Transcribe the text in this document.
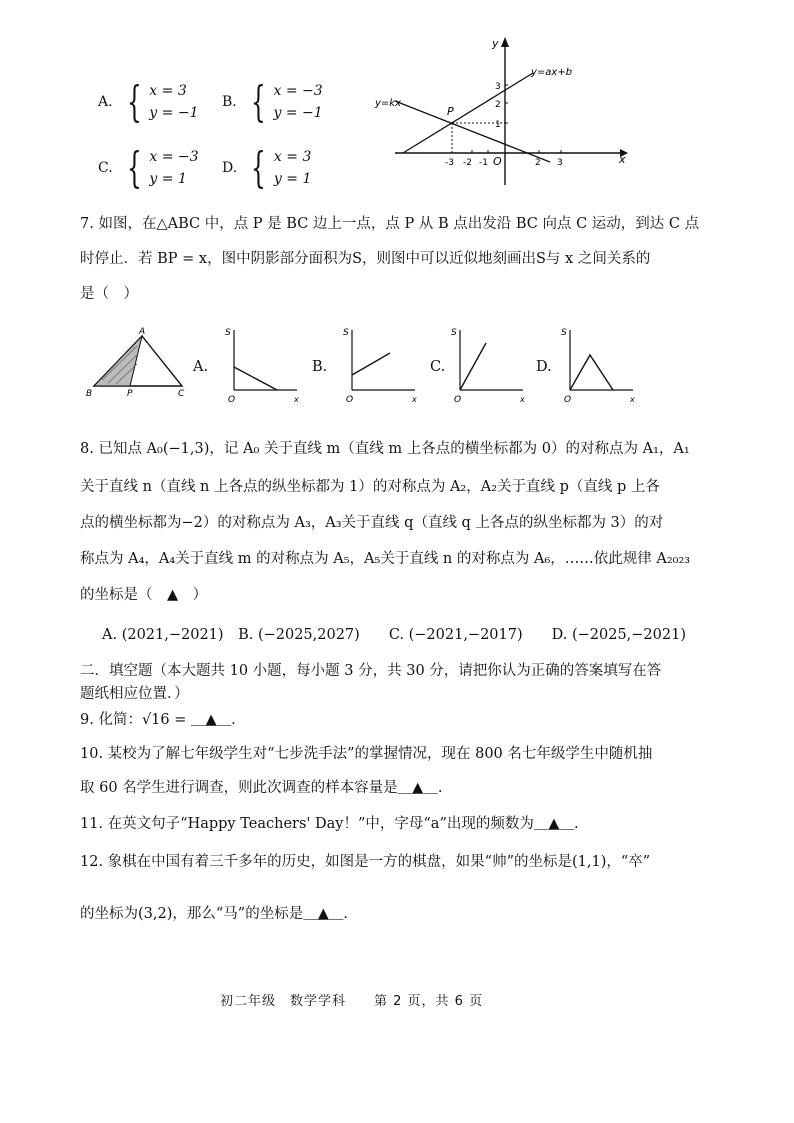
A. { x = 3
y = −1
B. { x = −3
y = −1
C. { x = −3
y = 1
D. { x = 3
y = 1
y
x
y=ax+b
y=kx
P
O
-3 -2 -1	2 3
3
2
1
7. 如图，在△ABC 中，点 P 是 BC 边上一点，点 P 从 B 点出发沿 BC 向点 C 运动，到达 C 点
时停止．若 BP = x，图中阴影部分面积为S，则图中可以近似地刻画出S与 x 之间关系的
是（　）
A
B	P	C
A.
S
O	x
B.
S
O	x
C.
S
O	x
D.
S
O	x
8. 已知点 A₀(−1,3)，记 A₀ 关于直线 m（直线 m 上各点的横坐标都为 0）的对称点为 A₁，A₁
关于直线 n（直线 n 上各点的纵坐标都为 1）的对称点为 A₂，A₂关于直线 p（直线 p 上各
点的横坐标都为−2）的对称点为 A₃，A₃关于直线 q（直线 q 上各点的纵坐标都为 3）的对
称点为 A₄，A₄关于直线 m 的对称点为 A₅，A₅关于直线 n 的对称点为 A₆，……依此规律 A₂₀₂₃
的坐标是（　▲　）
A. (2021,−2021)　B. (−2025,2027)　　C. (−2021,−2017)　　D. (−2025,−2021)
二．填空题（本大题共 10 小题，每小题 3 分，共 30 分，请把你认为正确的答案填写在答
题纸相应位置．）
9. 化简：√16 = ＿▲＿.
10. 某校为了解七年级学生对“七步洗手法”的掌握情况，现在 800 名七年级学生中随机抽
取 60 名学生进行调查，则此次调查的样本容量是＿▲＿.
11. 在英文句子“Happy Teachers' Day！”中，字母“a”出现的频数为＿▲＿.
12. 象棋在中国有着三千多年的历史，如图是一方的棋盘，如果“帅”的坐标是(1,1)，“卒”
的坐标为(3,2)，那么“马”的坐标是＿▲＿.
初二年级　数学学科　　第 2 页，共 6 页
